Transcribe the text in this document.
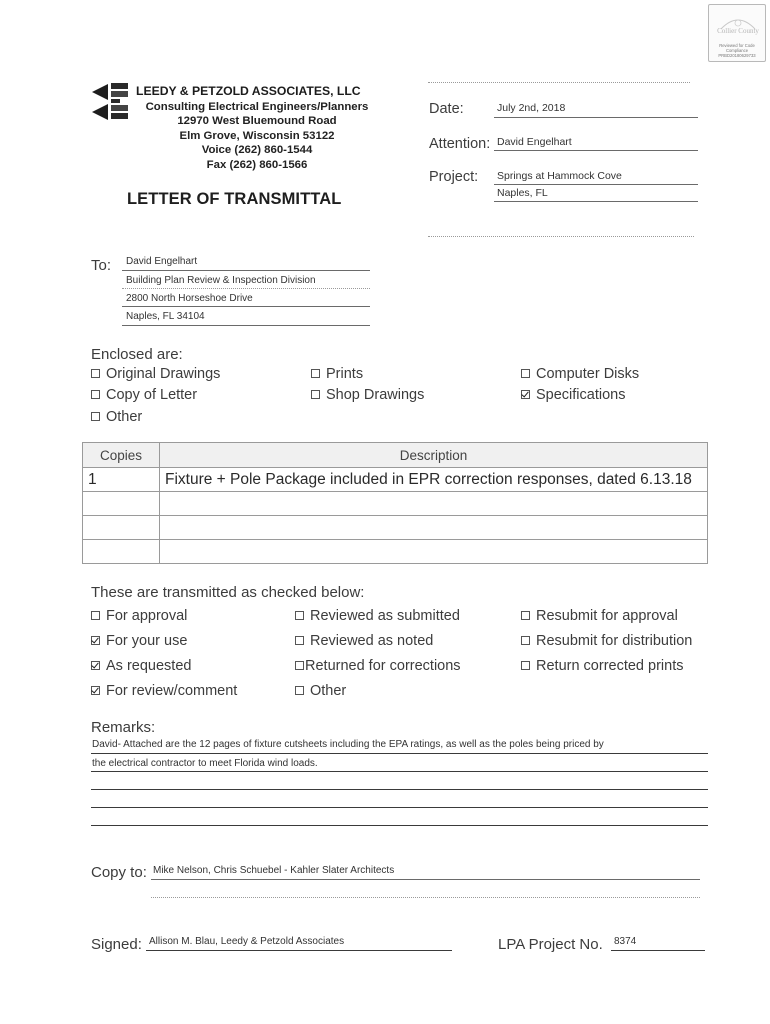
Collier County
Reviewed for Code
Compliance
PRBD20180629733
LEEDY & PETZOLD ASSOCIATES, LLC
Consulting Electrical Engineers/Planners
12970 West Bluemound Road
Elm Grove, Wisconsin 53122
Voice (262) 860-1544
Fax (262) 860-1566
LETTER OF TRANSMITTAL
Date:	July 2nd, 2018
Attention: David Engelhart
Project: Springs at Hammock Cove
Naples, FL
To: David Engelhart
Building Plan Review & Inspection Division
2800 North Horseshoe Drive
Naples, FL 34104
Enclosed are:
Original Drawings	Prints	Computer Disks
Copy of Letter	Shop Drawings	Specifications
Other
Copies	Description
1	Fixture + Pole Package included in EPR correction responses, dated 6.13.18

These are transmitted as checked below:
For approval	Reviewed as submitted	Resubmit for approval
For your use	Reviewed as noted	Resubmit for distribution
As requested	Returned for corrections	Return corrected prints
For review/comment	Other
Remarks:
David- Attached are the 12 pages of fixture cutsheets including the EPA ratings, as well as the poles being priced by
the electrical contractor to meet Florida wind loads.
Copy to: Mike Nelson, Chris Schuebel - Kahler Slater Architects
Signed: Allison M. Blau, Leedy & Petzold Associates	LPA Project No. 8374
